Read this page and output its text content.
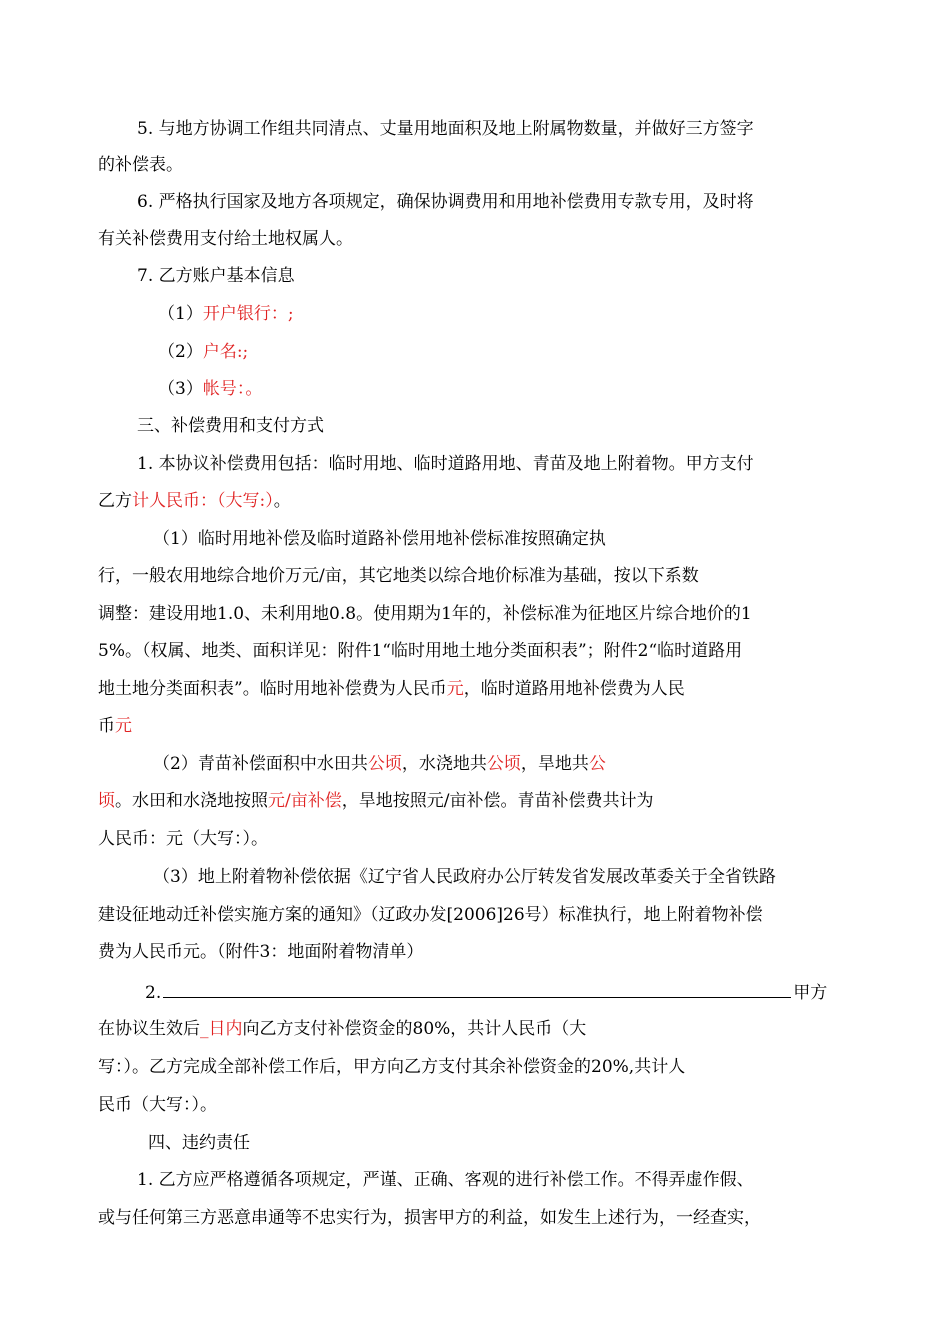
5. 与地方协调工作组共同清点、丈量用地面积及地上附属物数量，并做好三方签字
的补偿表。
6. 严格执行国家及地方各项规定，确保协调费用和用地补偿费用专款专用，及时将
有关补偿费用支付给土地权属人。
7. 乙方账户基本信息
（1）开户银行：;
（2）户名:;
（3）帐号：。
三、补偿费用和支付方式
1. 本协议补偿费用包括：临时用地、临时道路用地、青苗及地上附着物。甲方支付
乙方计人民币：（大写:）。
（1）临时用地补偿及临时道路补偿用地补偿标准按照确定执
行，一般农用地综合地价万元/亩，其它地类以综合地价标准为基础，按以下系数
调整：建设用地1.0、未利用地0.8。使用期为1年的，补偿标准为征地区片综合地价的1
5%。（权属、地类、面积详见：附件1“临时用地土地分类面积表”；附件2“临时道路用
地土地分类面积表”。临时用地补偿费为人民币元，临时道路用地补偿费为人民
币元
（2）青苗补偿面积中水田共公顷，水浇地共公顷，旱地共公
顷。水田和水浇地按照元/亩补偿，旱地按照元/亩补偿。青苗补偿费共计为
人民币：元（大写：）。
（3）地上附着物补偿依据《辽宁省人民政府办公厅转发省发展改革委关于全省铁路
建设征地动迁补偿实施方案的通知》（辽政办发[2006]26号）标准执行，地上附着物补偿
费为人民币元。（附件3：地面附着物清单）
2.	甲方
在协议生效后_日内向乙方支付补偿资金的80%，共计人民币（大
写：）。乙方完成全部补偿工作后，甲方向乙方支付其余补偿资金的20%,共计人
民币（大写：）。
四、违约责任
1. 乙方应严格遵循各项规定，严谨、正确、客观的进行补偿工作。不得弄虚作假、
或与任何第三方恶意串通等不忠实行为，损害甲方的利益，如发生上述行为，一经查实，
